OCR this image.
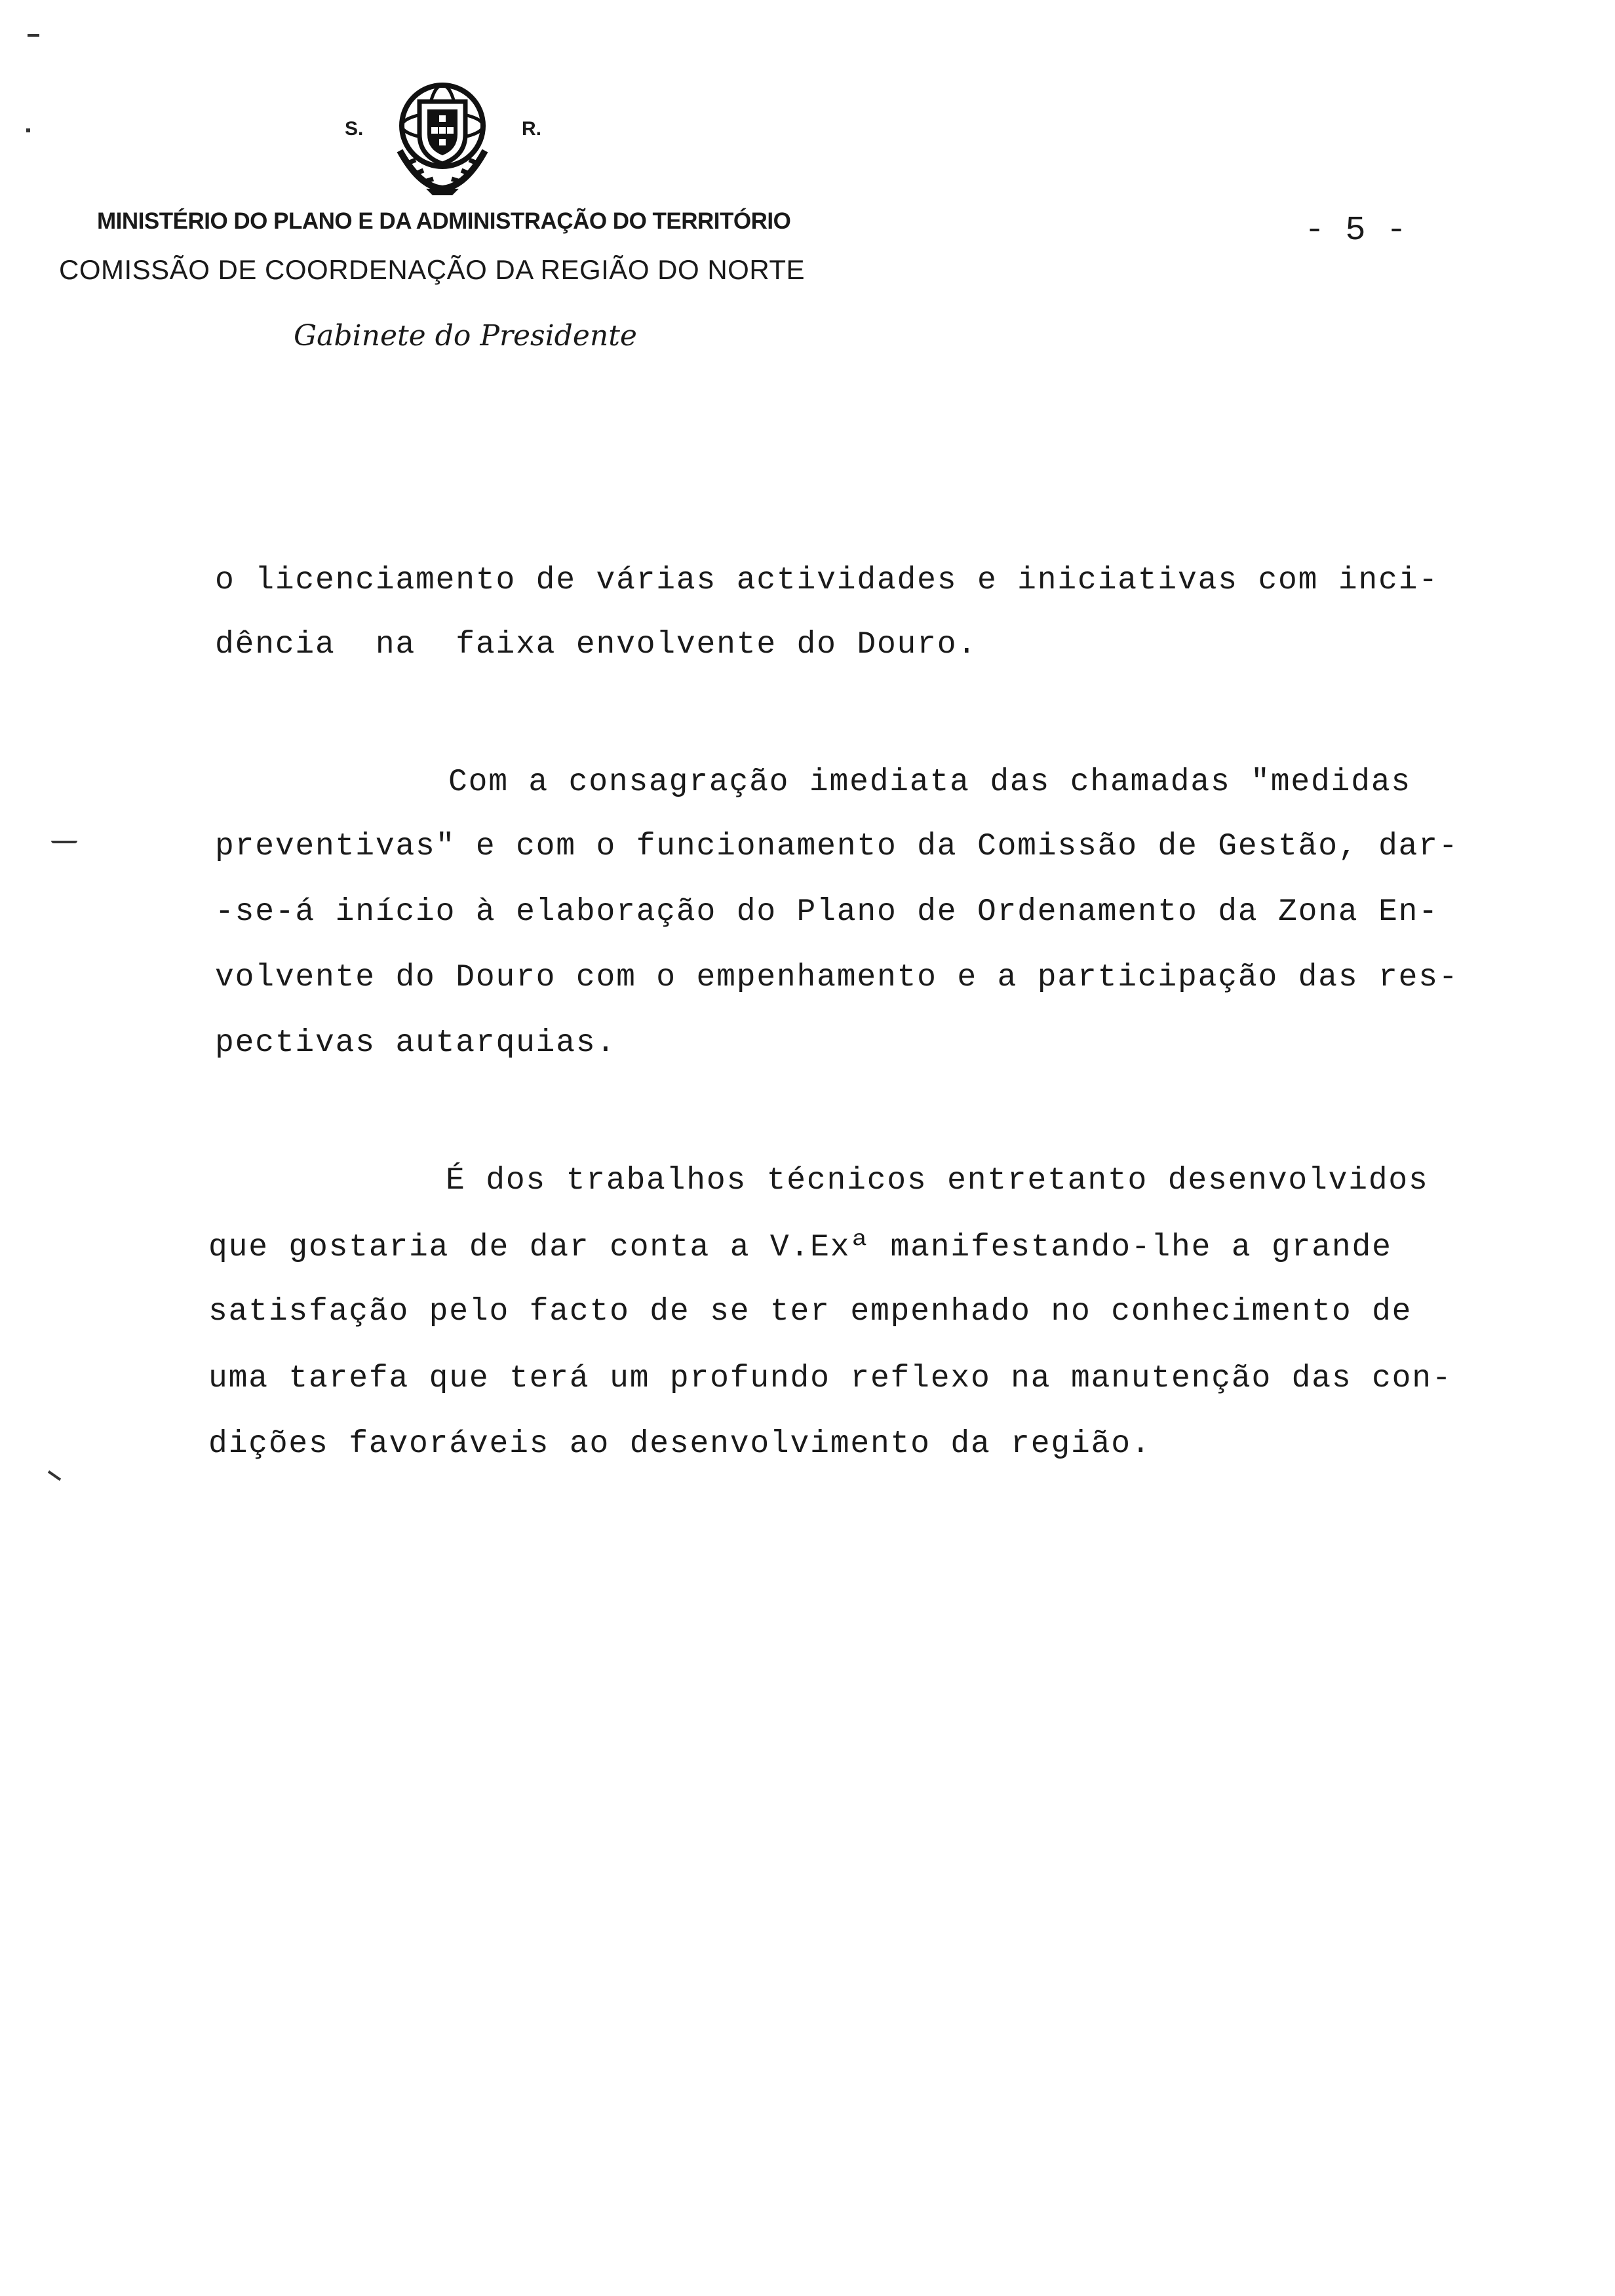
S.	R.
MINISTÉRIO DO PLANO E DA ADMINISTRAÇÃO DO TERRITÓRIO
COMISSÃO DE COORDENAÇÃO DA REGIÃO DO NORTE
Gabinete do Presidente
- 5 -
o licenciamento de várias actividades e iniciativas com inci-
dência  na  faixa envolvente do Douro.
Com a consagração imediata das chamadas "medidas
preventivas" e com o funcionamento da Comissão de Gestão, dar-
-se-á início à elaboração do Plano de Ordenamento da Zona En-
volvente do Douro com o empenhamento e a participação das res-
pectivas autarquias.
É dos trabalhos técnicos entretanto desenvolvidos
que gostaria de dar conta a V.Exª manifestando-lhe a grande
satisfação pelo facto de se ter empenhado no conhecimento de
uma tarefa que terá um profundo reflexo na manutenção das con-
dições favoráveis ao desenvolvimento da região.
